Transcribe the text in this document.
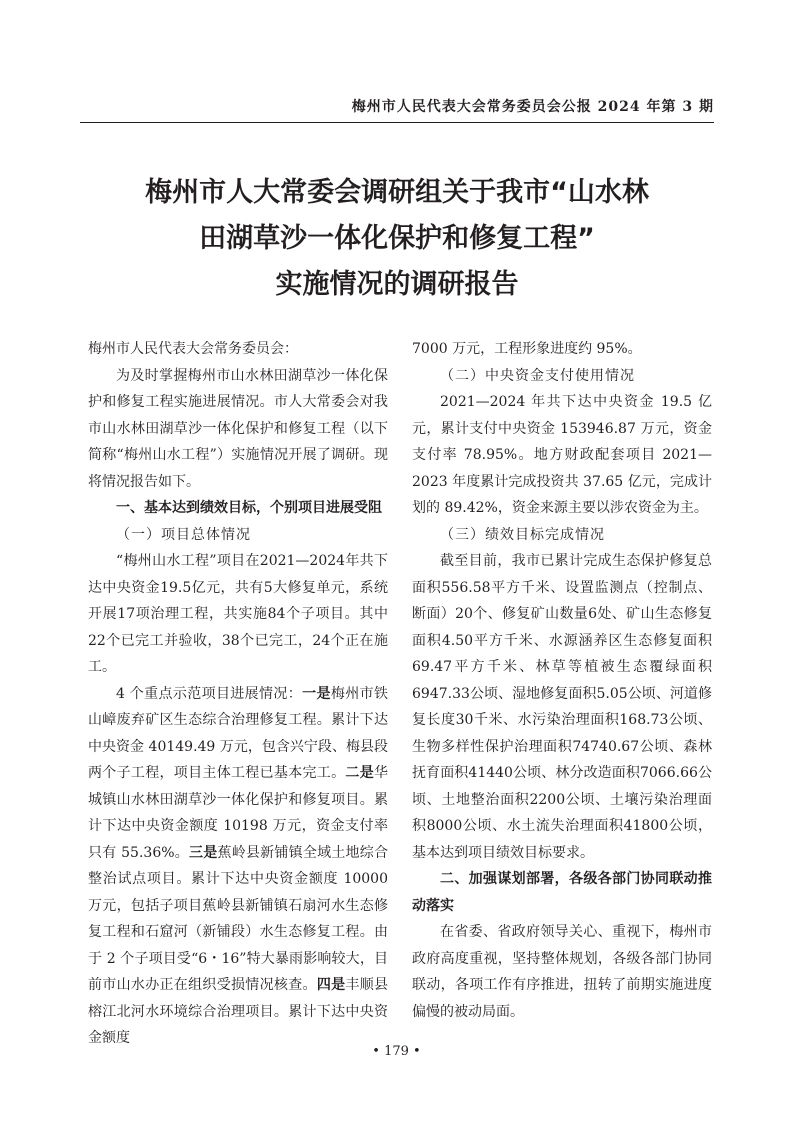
梅州市人民代表大会常务委员会公报 2024 年第 3 期
梅州市人大常委会调研组关于我市“山水林
田湖草沙一体化保护和修复工程”
实施情况的调研报告

梅州市人民代表大会常务委员会：

为及时掌握梅州市山水林田湖草沙一体化保护和修复工程实施进展情况。市人大常委会对我市山水林田湖草沙一体化保护和修复工程（以下简称“梅州山水工程”）实施情况开展了调研。现将情况报告如下。

一、基本达到绩效目标，个别项目进展受阻

（一）项目总体情况

“梅州山水工程”项目在2021—2024年共下达中央资金19.5亿元，共有5大修复单元，系统开展17项治理工程，共实施84个子项目。其中22个已完工并验收，38个已完工，24个正在施工。

4 个重点示范项目进展情况：一是梅州市铁山嶂废弃矿区生态综合治理修复工程。累计下达中央资金 40149.49 万元，包含兴宁段、梅县段两个子工程，项目主体工程已基本完工。二是华城镇山水林田湖草沙一体化保护和修复项目。累计下达中央资金额度 10198 万元，资金支付率只有 55.36%。三是蕉岭县新铺镇全域土地综合整治试点项目。累计下达中央资金额度 10000 万元，包括子项目蕉岭县新铺镇石扇河水生态修复工程和石窟河（新铺段）水生态修复工程。由于 2 个子项目受“6・16”特大暴雨影响较大，目前市山水办正在组织受损情况核查。四是丰顺县榕江北河水环境综合治理项目。累计下达中央资金额度

7000 万元，工程形象进度约 95%。

（二）中央资金支付使用情况

2021—2024 年共下达中央资金 19.5 亿元，累计支付中央资金 153946.87 万元，资金支付率 78.95%。地方财政配套项目 2021—2023 年度累计完成投资共 37.65 亿元，完成计划的 89.42%，资金来源主要以涉农资金为主。

（三）绩效目标完成情况

截至目前，我市已累计完成生态保护修复总面积556.58平方千米、设置监测点（控制点、断面）20个、修复矿山数量6处、矿山生态修复面积4.50平方千米、水源涵养区生态修复面积69.47平方千米、林草等植被生态覆绿面积6947.33公顷、湿地修复面积5.05公顷、河道修复长度30千米、水污染治理面积168.73公顷、生物多样性保护治理面积74740.67公顷、森林抚育面积41440公顷、林分改造面积7066.66公顷、土地整治面积2200公顷、土壤污染治理面积8000公顷、水土流失治理面积41800公顷，基本达到项目绩效目标要求。

二、加强谋划部署，各级各部门协同联动推动落实

在省委、省政府领导关心、重视下，梅州市政府高度重视，坚持整体规划，各级各部门协同联动，各项工作有序推进，扭转了前期实施进度偏慢的被动局面。

• 179 •
